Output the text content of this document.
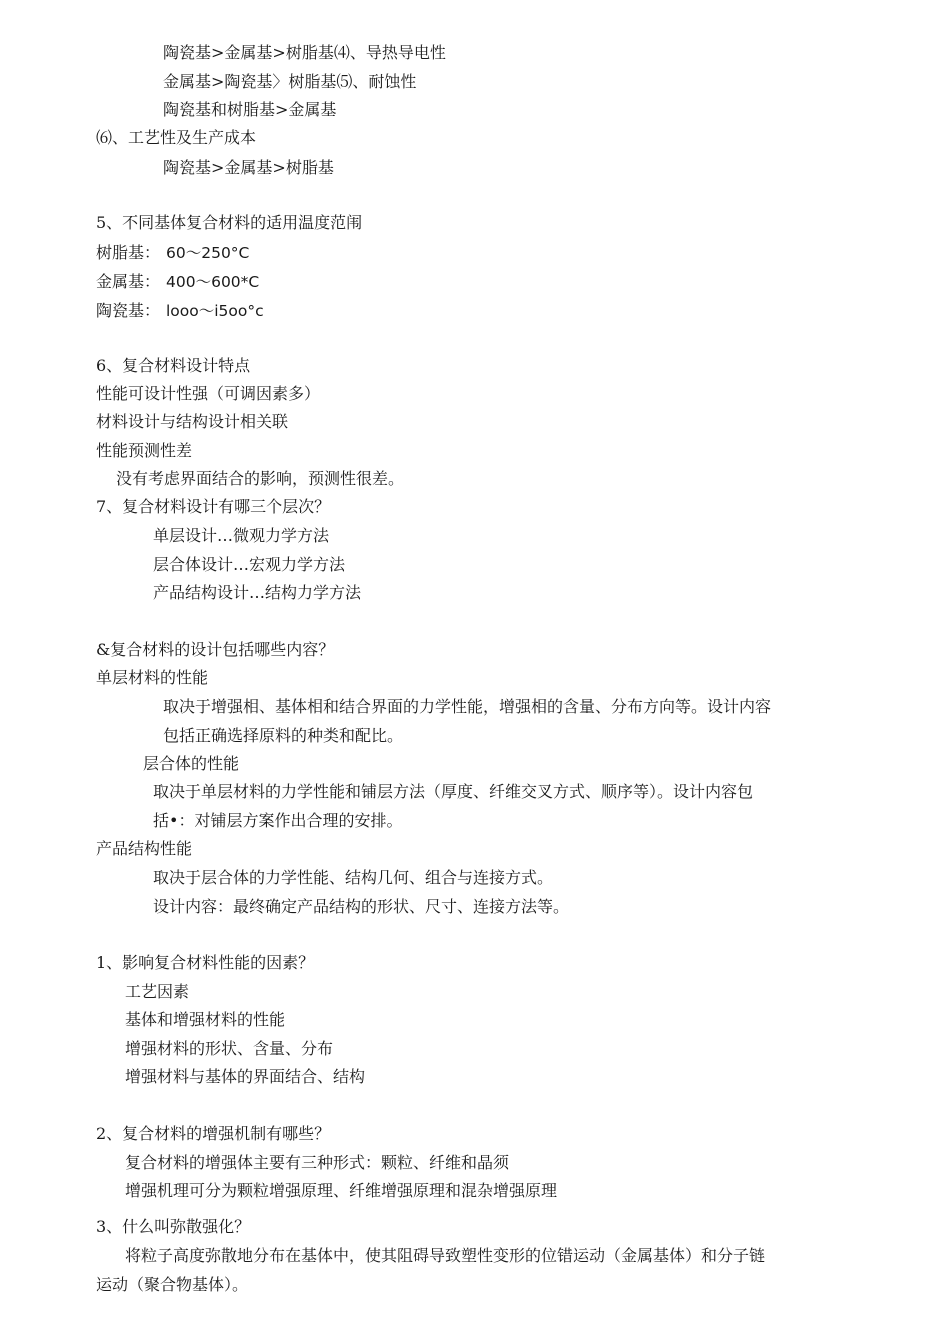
陶瓷基>金属基>树脂基⑷、导热导电性
金属基>陶瓷基〉树脂基⑸、耐蚀性
陶瓷基和树脂基>金属基
⑹、工艺性及生产成本
陶瓷基>金属基>树脂基
5、不同基体复合材料的适用温度范闱
树脂基： 60〜250°C
金属基： 400〜600*C
陶瓷基： looo〜i5oo°c
6、复合材料设计特点
性能可设计性强（可调因素多）
材料设计与结构设计相关联
性能预测性差
没有考虑界面结合的影响，预测性很差。
7、复合材料设计有哪三个层次？
单层设计…微观力学方法
层合体设计…宏观力学方法
产品结构设计…结构力学方法
&复合材料的设计包括哪些内容？
单层材料的性能
取决于增强相、基体相和结合界面的力学性能，增强相的含量、分布方向等。设计内容
包括正确选择原料的种类和配比。
层合体的性能
取决于单层材料的力学性能和铺层方法（厚度、纤维交叉方式、顺序等）。设计内容包
括•：对铺层方案作出合理的安排。
产品结构性能
取决于层合体的力学性能、结构几何、组合与连接方式。
设计内容：最终确定产品结构的形状、尺寸、连接方法等。
1、影响复合材料性能的因素？
工艺因素
基体和增强材料的性能
增强材料的形状、含量、分布
增强材料与基体的界面结合、结构
2、复合材料的增强机制有哪些？
复合材料的增强体主要有三种形式：颗粒、纤维和晶须
增强机理可分为颗粒增强原理、纤维增强原理和混杂增强原理
3、什么叫弥散强化？
将粒子高度弥散地分布在基体中，使其阻碍导致塑性变形的位错运动（金属基体）和分子链
运动（聚合物基体）。
